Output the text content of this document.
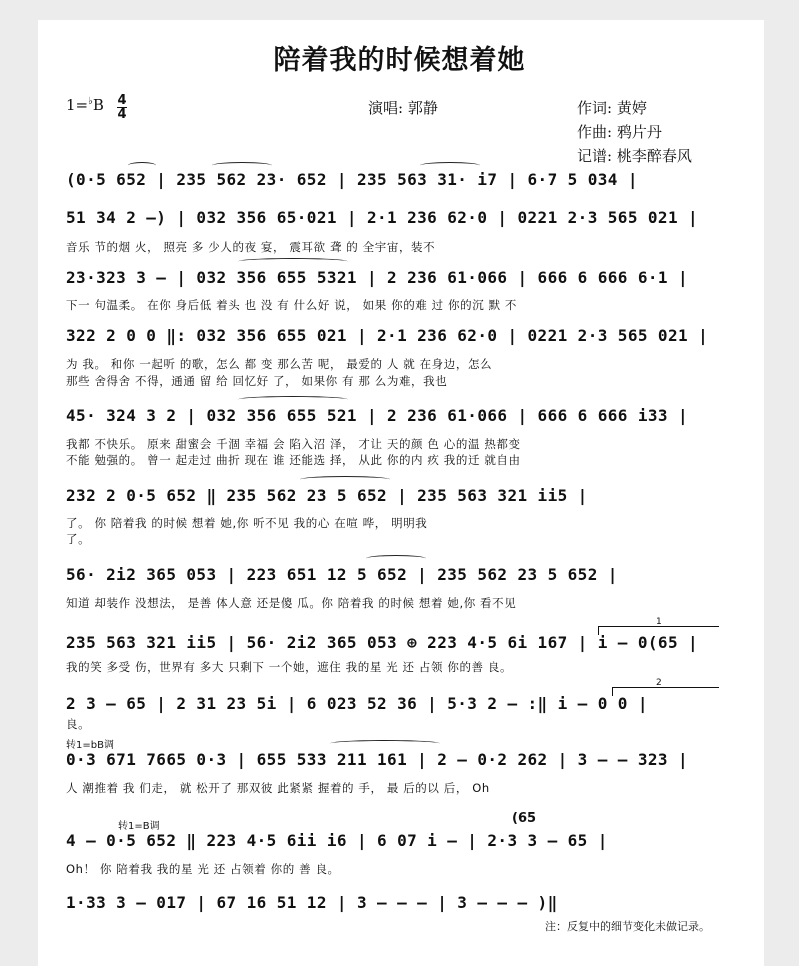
陪着我的时候想着她
1=♭B 4
4	演唱: 郭静	作词: 黄婷
作曲: 鸦片丹
记谱: 桃李醉春风
(0·5 652 | 235 562 23· 652 | 235 563 31· i7 | 6·7 5 034 |
51 34 2 –) | 032 356 65·021 | 2·1 236 62·0 | 0221 2·3 565 021 |
23·323 3 – | 032 356 655 5321 | 2 236 61·066 | 666 6 666 6·1 |
322 2 0 0 ‖: 032 356 655 021 | 2·1 236 62·0 | 0221 2·3 565 021 |
45· 324 3 2 | 032 356 655 521 | 2 236 61·066 | 666 6 666 i33 |
232 2 0·5 652 ‖ 235 562 23 5 652 | 235 563 321 ii5 |
56· 2i2 365 053 | 223 651 12 5 652 | 235 562 23 5 652 |
235 563 321 ii5 | 56· 2i2 365 053 ⊕ 223 4·5 6i 167 | i – 0(65 |
2 3 – 65 | 2 31 23 5i | 6 023 52 36 | 5·3 2 – :‖ i – 0 0 |
0·3 671 7665 0·3 | 655 533 211 161 | 2 – 0·2 262 | 3 – – 323 |
4 – 0·5 652 ‖ 223 4·5 6ii i6 | 6 07 i – | 2·3 3 – 65 |
1·33 3 – 017 | 67 16 51 12 | 3 – – – | 3 – – – )‖
音乐 节的烟 火， 照亮 多 少人的夜 宴， 震耳欲 聋 的 全宇宙，装不
下一 句温柔。 在你 身后低 着头 也 没 有 什么好 说， 如果 你的难 过 你的沉 默 不
为 我。 和你 一起听 的歌，怎么 都 变 那么苦 呢， 最爱的 人 就 在身边，怎么
那些 舍得舍 不得，通通 留 给 回忆好 了， 如果你 有 那 么为难，我也
我都 不快乐。 原来 甜蜜会 千涸 幸福 会 陷入沼 泽， 才让 天的颜 色 心的温 热都变
不能 勉强的。 曾一 起走过 曲折 现在 谁 还能选 择， 从此 你的内 疚 我的迁 就自由
了。 你 陪着我 的时候 想着 她,你 听不见 我的心 在喧 哗， 明明我
了。
知道 却装作 没想法， 是善 体人意 还是傻 瓜。你 陪着我 的时候 想着 她,你 看不见
我的笑 多受 伤，世界有 多大 只剩下 一个她，遮住 我的星 光 还 占领 你的善 良。
良。
人 潮推着 我 们走， 就 松开了 那双彼 此紧紧 握着的 手， 最 后的以 后， Oh
Oh！ 你 陪着我 我的星 光 还 占领着 你的 善 良。
转1=bB调
转1=B调
(65
1
2
注：反复中的细节变化未做记录。
